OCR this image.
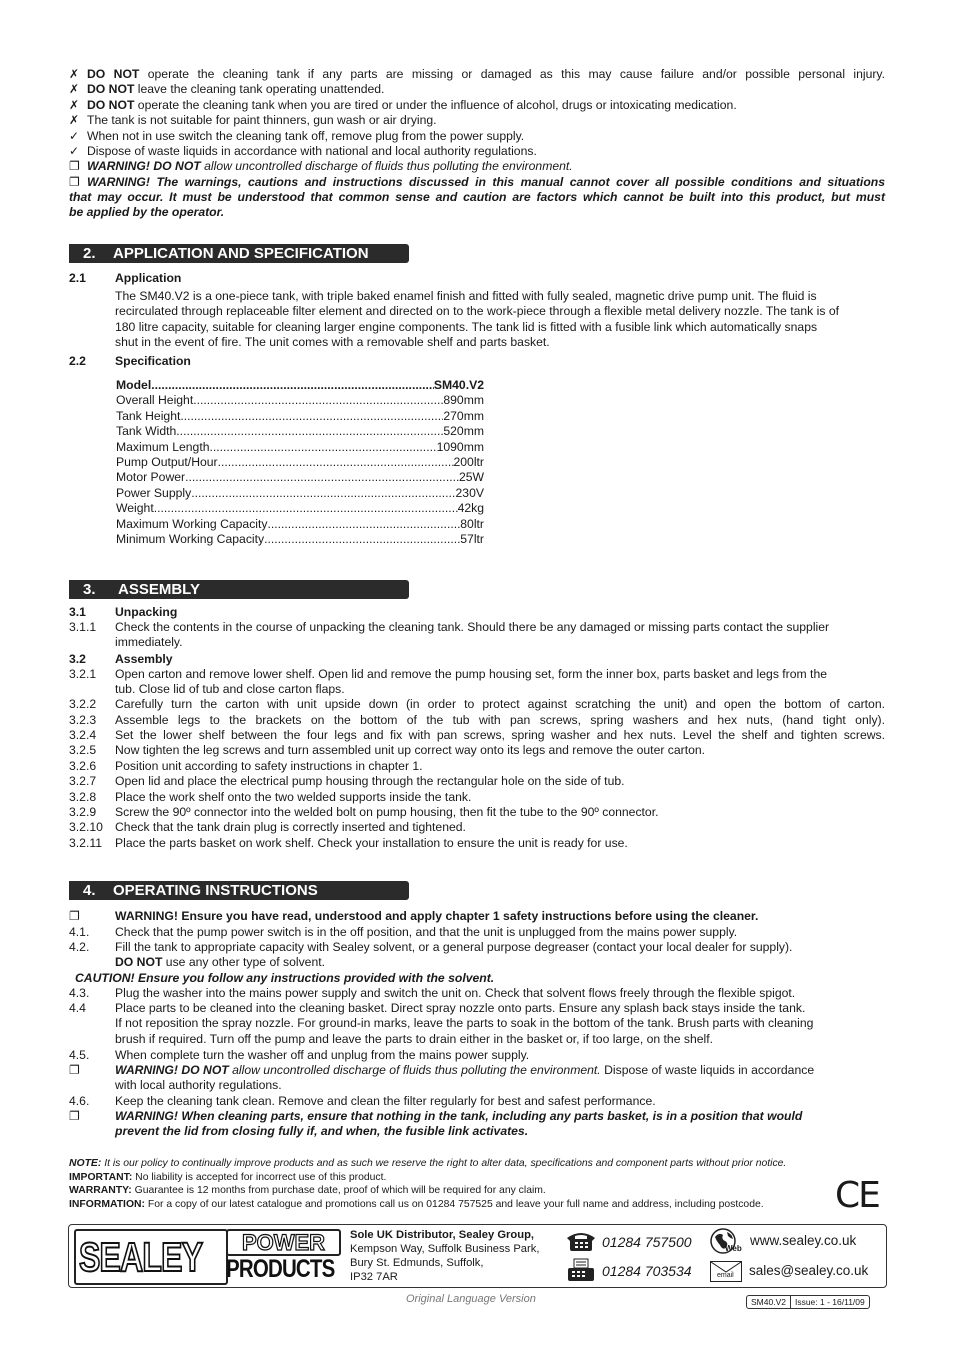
✗ DO NOT operate the cleaning tank if any parts are missing or damaged as this may cause failure and/or possible personal injury.
✗ DO NOT leave the cleaning tank operating unattended.
✗ DO NOT operate the cleaning tank when you are tired or under the influence of alcohol, drugs or intoxicating medication.
✗ The tank is not suitable for paint thinners, gun wash or air drying.
✓ When not in use switch the cleaning tank off, remove plug from the power supply.
✓ Dispose of waste liquids in accordance with national and local authority regulations.
❐ WARNING! DO NOT allow uncontrolled discharge of fluids thus polluting the environment.
❐ WARNING! The warnings, cautions and instructions discussed in this manual cannot cover all possible conditions and situations
that may occur. It must be understood that common sense and caution are factors which cannot be built into this product, but must
be applied by the operator.
2. APPLICATION AND SPECIFICATION
2.1 Application
The SM40.V2 is a one-piece tank, with triple baked enamel finish and fitted with fully sealed, magnetic drive pump unit. The fluid is
recirculated through replaceable filter element and directed on to the work-piece through a flexible metal delivery nozzle. The tank is of
180 litre capacity, suitable for cleaning larger engine components. The tank lid is fitted with a fusible link which automatically snaps
shut in the event of fire. The unit comes with a removable shelf and parts basket.
2.2 Specification
Model .....	SM40.V2
Overall Height .....	890mm
Tank Height .....	270mm
Tank Width .....	520mm
Maximum Length .....	1090mm
Pump Output/Hour .....	200ltr
Motor Power .....	25W
Power Supply .....	230V
Weight .....	42kg
Maximum Working Capacity .....	80ltr
Minimum Working Capacity .....	57ltr
3. ASSEMBLY
3.1 Unpacking
3.1.1 Check the contents in the course of unpacking the cleaning tank. Should there be any damaged or missing parts contact the supplier
immediately.
3.2 Assembly
3.2.1 Open carton and remove lower shelf. Open lid and remove the pump housing set, form the inner box, parts basket and legs from the
tub. Close lid of tub and close carton flaps.
3.2.2 Carefully turn the carton with unit upside down (in order to protect against scratching the unit) and open the bottom of carton.
3.2.3 Assemble legs to the brackets on the bottom of the tub with pan screws, spring washers and hex nuts, (hand tight only).
3.2.4 Set the lower shelf between the four legs and fix with pan screws, spring washer and hex nuts. Level the shelf and tighten screws.
3.2.5 Now tighten the leg screws and turn assembled unit up correct way onto its legs and remove the outer carton.
3.2.6 Position unit according to safety instructions in chapter 1.
3.2.7 Open lid and place the electrical pump housing through the rectangular hole on the side of tub.
3.2.8 Place the work shelf onto the two welded supports inside the tank.
3.2.9 Screw the 90º connector into the welded bolt on pump housing, then fit the tube to the 90º connector.
3.2.10 Check that the tank drain plug is correctly inserted and tightened.
3.2.11 Place the parts basket on work shelf. Check your installation to ensure the unit is ready for use.
4. OPERATING INSTRUCTIONS
❐	WARNING! Ensure you have read, understood and apply chapter 1 safety instructions before using the cleaner.
4.1. Check that the pump power switch is in the off position, and that the unit is unplugged from the mains power supply.
4.2. Fill the tank to appropriate capacity with Sealey solvent, or a general purpose degreaser (contact your local dealer for supply).
DO NOT use any other type of solvent.
CAUTION! Ensure you follow any instructions provided with the solvent.
4.3. Plug the washer into the mains power supply and switch the unit on. Check that solvent flows freely through the flexible spigot.
4.4 Place parts to be cleaned into the cleaning basket. Direct spray nozzle onto parts. Ensure any splash back stays inside the tank.
If not reposition the spray nozzle. For ground-in marks, leave the parts to soak in the bottom of the tank. Brush parts with cleaning
brush if required. Turn off the pump and leave the parts to drain either in the basket or, if too large, on the shelf.
4.5. When complete turn the washer off and unplug from the mains power supply.
❐	WARNING! DO NOT allow uncontrolled discharge of fluids thus polluting the environment. Dispose of waste liquids in accordance
with local authority regulations.
4.6. Keep the cleaning tank clean. Remove and clean the filter regularly for best and safest performance.
❐	WARNING! When cleaning parts, ensure that nothing in the tank, including any parts basket, is in a position that would
prevent the lid from closing fully if, and when, the fusible link activates.
NOTE: It is our policy to continually improve products and as such we reserve the right to alter data, specifications and component parts without prior notice.
IMPORTANT: No liability is accepted for incorrect use of this product.
WARRANTY: Guarantee is 12 months from purchase date, proof of which will be required for any claim.
INFORMATION: For a copy of our latest catalogue and promotions call us on 01284 757525 and leave your full name and address, including postcode.	CE
SEALEY	POWER
PRODUCTS
Sole UK Distributor, Sealey Group,
Kempson Way, Suffolk Business Park,
Bury St. Edmunds, Suffolk,
IP32 7AR
01284 757500
01284 703534
Web
www.sealey.co.uk
email sales@sealey.co.uk
Original Language Version	SM40.V2	Issue: 1 - 16/11/09
